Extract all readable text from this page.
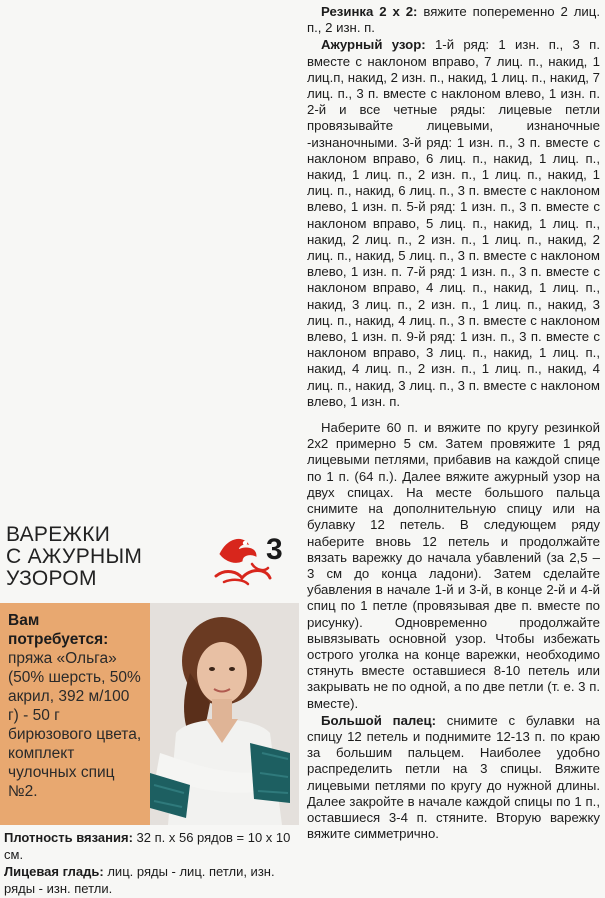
ВАРЕЖКИ
С АЖУРНЫМ
УЗОРОМ
3
Вам
потребуется:
пряжа «Ольга» (50% шерсть, 50% акрил, 392 м/100 г) - 50 г бирюзового цвета, комплект чулочных спиц №2.

Плотность вязания: 32 п. x 56 рядов = 10 x 10 см.

Лицевая гладь: лиц. ряды - лиц. петли, изн. ряды - изн. петли.

Резинка 2 x 2: вяжите попеременно 2 лиц. п., 2 изн. п.

Ажурный узор: 1-й ряд: 1 изн. п., 3 п. вместе с наклоном вправо, 7 лиц. п., накид, 1 лиц.п, накид, 2 изн. п., накид, 1 лиц. п., накид, 7 лиц. п., 3 п. вместе с наклоном влево, 1 изн. п. 2-й и все четные ряды: лицевые петли провязывайте лицевыми, изнаночные -изнаночными. 3-й ряд: 1 изн. п., 3 п. вместе с наклоном вправо, 6 лиц. п., накид, 1 лиц. п., накид, 1 лиц. п., 2 изн. п., 1 лиц. п., накид, 1 лиц. п., накид, 6 лиц. п., 3 п. вместе с наклоном влево, 1 изн. п. 5-й ряд: 1 изн. п., 3 п. вместе с наклоном вправо, 5 лиц. п., накид, 1 лиц. п., накид, 2 лиц. п., 2 изн. п., 1 лиц. п., накид, 2 лиц. п., накид, 5 лиц. п., 3 п. вместе с наклоном влево, 1 изн. п. 7-й ряд: 1 изн. п., 3 п. вместе с наклоном вправо, 4 лиц. п., накид, 1 лиц. п., накид, 3 лиц. п., 2 изн. п., 1 лиц. п., накид, 3 лиц. п., накид, 4 лиц. п., 3 п. вместе с наклоном влево, 1 изн. п. 9-й ряд: 1 изн. п., 3 п. вместе с наклоном вправо, 3 лиц. п., накид, 1 лиц. п., накид, 4 лиц. п., 2 изн. п., 1 лиц. п., накид, 4 лиц. п., накид, 3 лиц. п., 3 п. вместе с наклоном влево, 1 изн. п.

Наберите 60 п. и вяжите по кругу резинкой 2х2 примерно 5 см. Затем провяжите 1 ряд лицевыми петлями, прибавив на каждой спице по 1 п. (64 п.). Далее вяжите ажурный узор на двух спицах. На месте большого пальца снимите на дополнительную спицу или на булавку 12 петель. В следующем ряду наберите вновь 12 петель и продолжайте вязать варежку до начала убавлений (за 2,5 – 3 см до конца ладони). Затем сделайте убавления в начале 1-й и 3-й, в конце 2-й и 4-й спиц по 1 петле (провязывая две п. вместе по рисунку). Одновременно продолжайте вывязывать основной узор. Чтобы избежать острого уголка на конце варежки, необходимо стянуть вместе оставшиеся 8-10 петель или закрывать не по одной, а по две петли (т. е. 3 п. вместе).

Большой палец: снимите с булавки на спицу 12 петель и поднимите 12-13 п. по краю за большим пальцем. Наиболее удобно распределить петли на 3 спицы. Вяжите лицевыми петлями по кругу до нужной длины. Далее закройте в начале каждой спицы по 1 п., оставшиеся 3-4 п. стяните. Вторую варежку вяжите симметрично.
